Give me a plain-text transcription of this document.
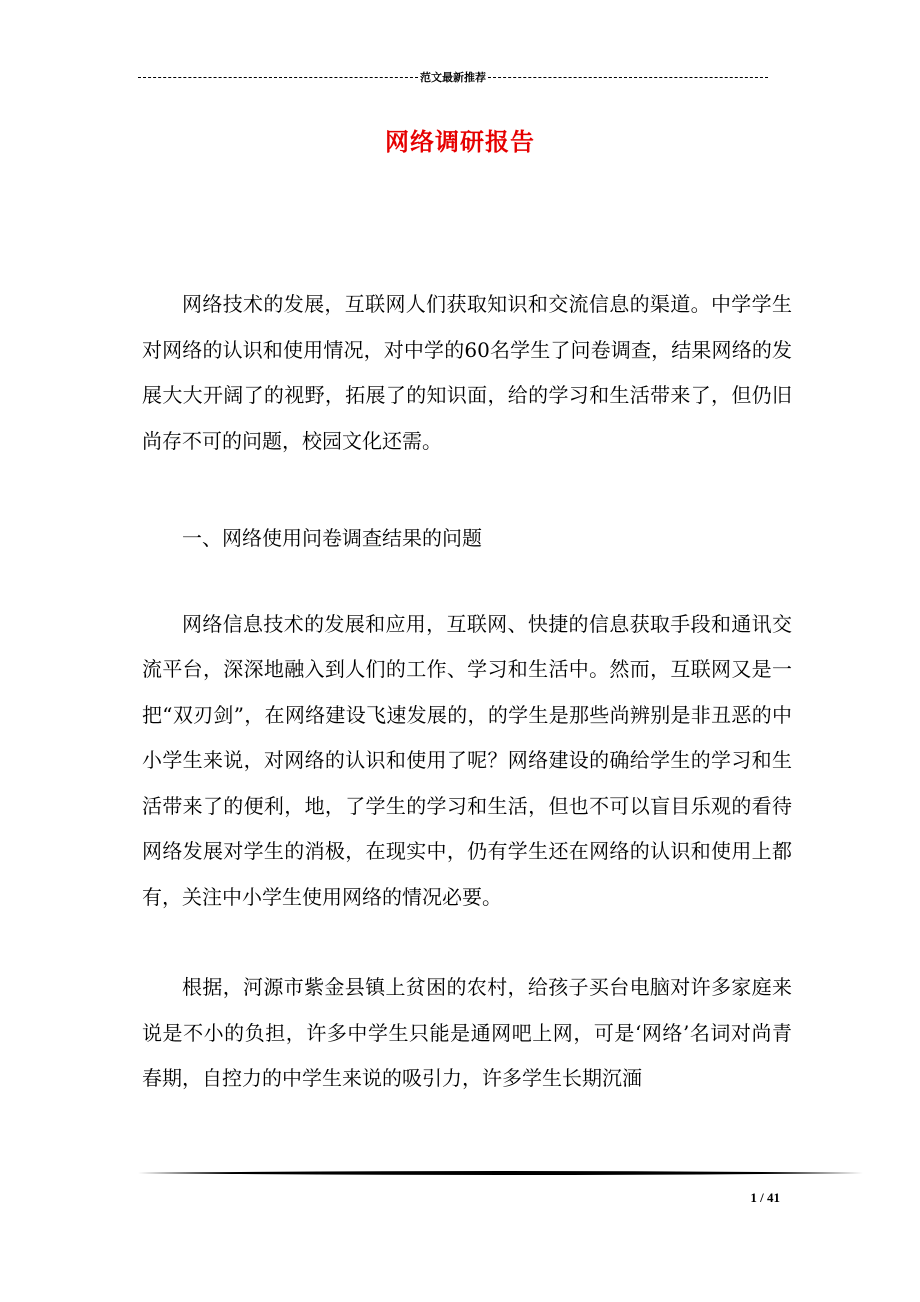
范文最新推荐
网络调研报告

网络技术的发展，互联网人们获取知识和交流信息的渠道。中学学生对网络的认识和使用情况，对中学的60名学生了问卷调查，结果网络的发展大大开阔了的视野，拓展了的知识面，给的学习和生活带来了，但仍旧尚存不可的问题，校园文化还需。

一、网络使用问卷调查结果的问题

网络信息技术的发展和应用，互联网、快捷的信息获取手段和通讯交流平台，深深地融入到人们的工作、学习和生活中。然而，互联网又是一把“双刃剑”，在网络建设飞速发展的，的学生是那些尚辨别是非丑恶的中小学生来说，对网络的认识和使用了呢？网络建设的确给学生的学习和生活带来了的便利，地，了学生的学习和生活，但也不可以盲目乐观的看待网络发展对学生的消极，在现实中，仍有学生还在网络的认识和使用上都有，关注中小学生使用网络的情况必要。

根据，河源市紫金县镇上贫困的农村，给孩子买台电脑对许多家庭来说是不小的负担，许多中学生只能是通网吧上网，可是‘网络’名词对尚青春期，自控力的中学生来说的吸引力，许多学生长期沉湎

1 / 41
